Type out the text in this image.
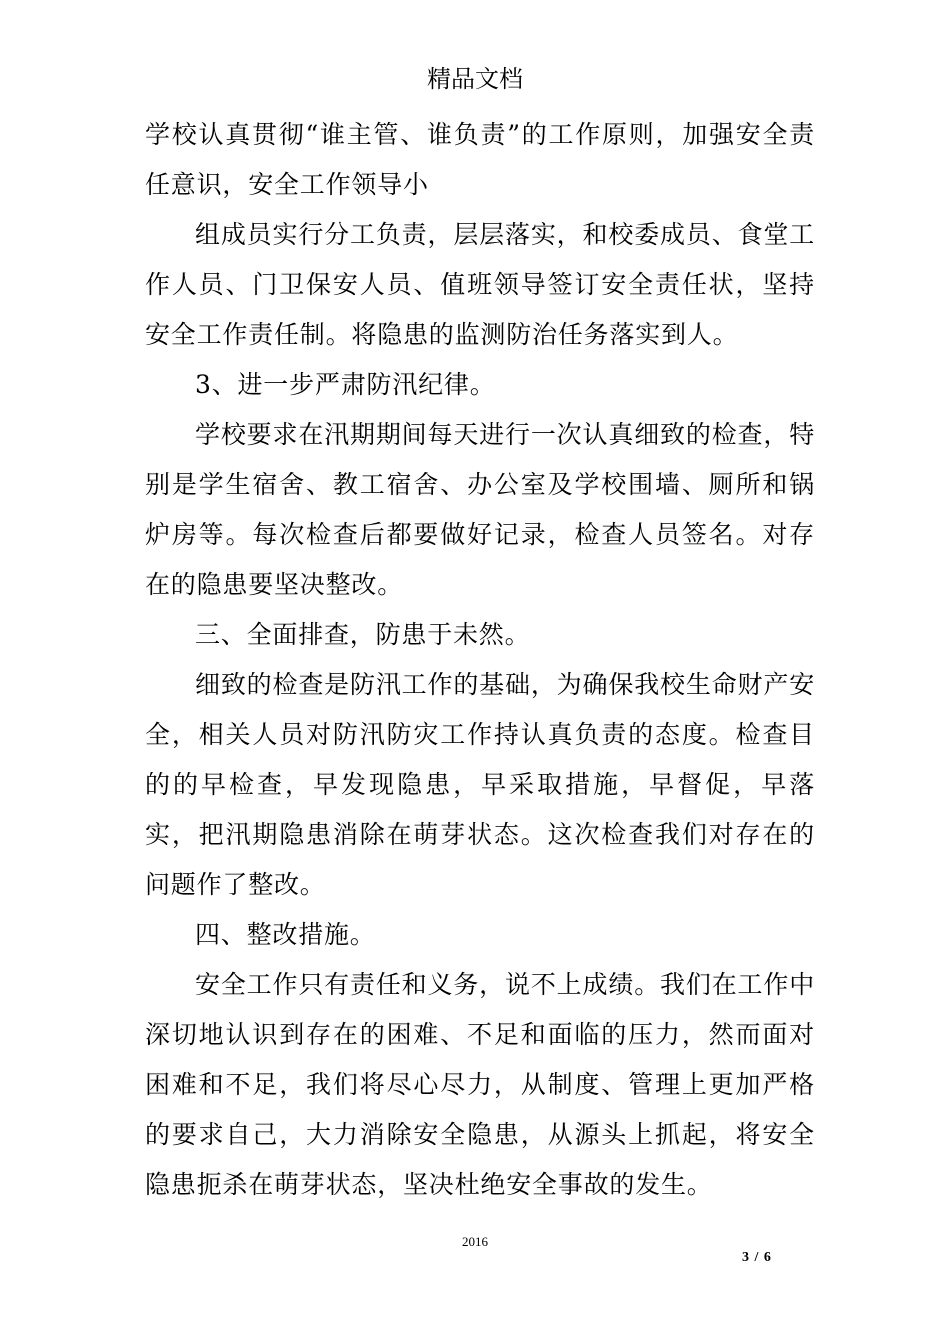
精品文档

学校认真贯彻“谁主管、谁负责”的工作原则，加强安全责任意识，安全工作领导小

组成员实行分工负责，层层落实，和校委成员、食堂工作人员、门卫保安人员、值班领导签订安全责任状，坚持安全工作责任制。将隐患的监测防治任务落实到人。

3、进一步严肃防汛纪律。

学校要求在汛期期间每天进行一次认真细致的检查，特别是学生宿舍、教工宿舍、办公室及学校围墙、厕所和锅炉房等。每次检查后都要做好记录，检查人员签名。对存在的隐患要坚决整改。

三、全面排查，防患于未然。

细致的检查是防汛工作的基础，为确保我校生命财产安全，相关人员对防汛防灾工作持认真负责的态度。检查目的的早检查，早发现隐患，早采取措施，早督促，早落实，把汛期隐患消除在萌芽状态。这次检查我们对存在的问题作了整改。

四、整改措施。

安全工作只有责任和义务，说不上成绩。我们在工作中深切地认识到存在的困难、不足和面临的压力，然而面对困难和不足，我们将尽心尽力，从制度、管理上更加严格的要求自己，大力消除安全隐患，从源头上抓起，将安全隐患扼杀在萌芽状态，坚决杜绝安全事故的发生。

2016
3 / 6
